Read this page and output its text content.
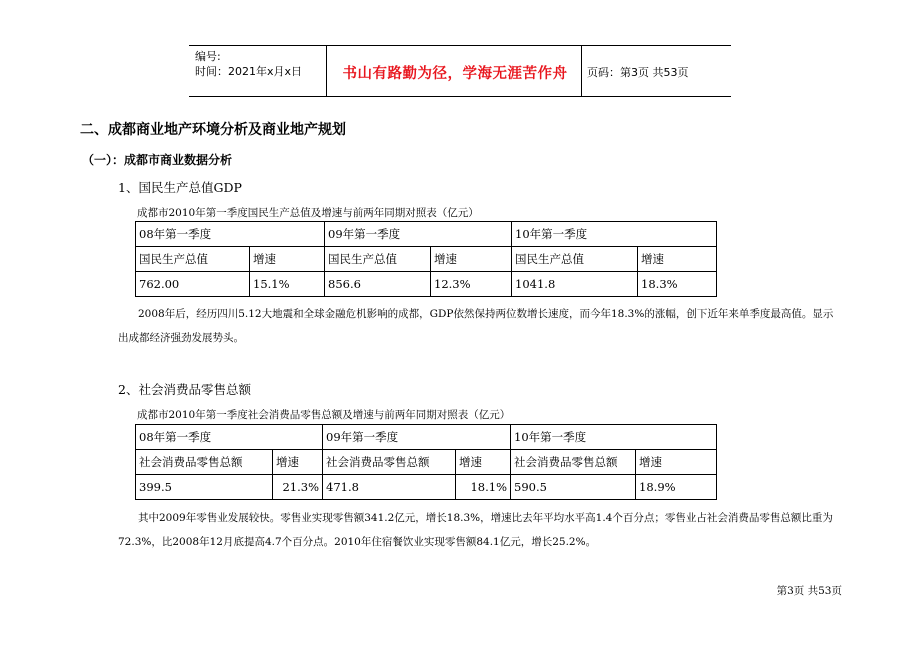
编号:
时间：2021年x月x日	书山有路勤为径，学海无涯苦作舟	页码：第3页 共53页
二、成都商业地产环境分析及商业地产规划
（一）：成都市商业数据分析
1、国民生产总值GDP
成都市2010年第一季度国民生产总值及增速与前两年同期对照表（亿元）
08年第一季度		09年第一季度		10年第一季度	
国民生产总值	增速	国民生产总值	增速	国民生产总值	增速
762.00	15.1%	856.6	12.3%	1041.8	18.3%
2008年后，经历四川5.12大地震和全球金融危机影响的成都，GDP依然保持两位数增长速度，而今年18.3%的涨幅，创下近年来单季度最高值。显示出成都经济强劲发展势头。
2、社会消费品零售总额
成都市2010年第一季度社会消费品零售总额及增速与前两年同期对照表（亿元）
08年第一季度		09年第一季度		10年第一季度	
社会消费品零售总额	增速	社会消费品零售总额	增速	社会消费品零售总额	增速
399.5	21.3%	471.8	18.1%	590.5	18.9%
其中2009年零售业发展较快。零售业实现零售额341.2亿元，增长18.3%，增速比去年平均水平高1.4个百分点；零售业占社会消费品零售总额比重为72.3%，比2008年12月底提高4.7个百分点。2010年住宿餐饮业实现零售额84.1亿元，增长25.2%。
第3页 共53页
